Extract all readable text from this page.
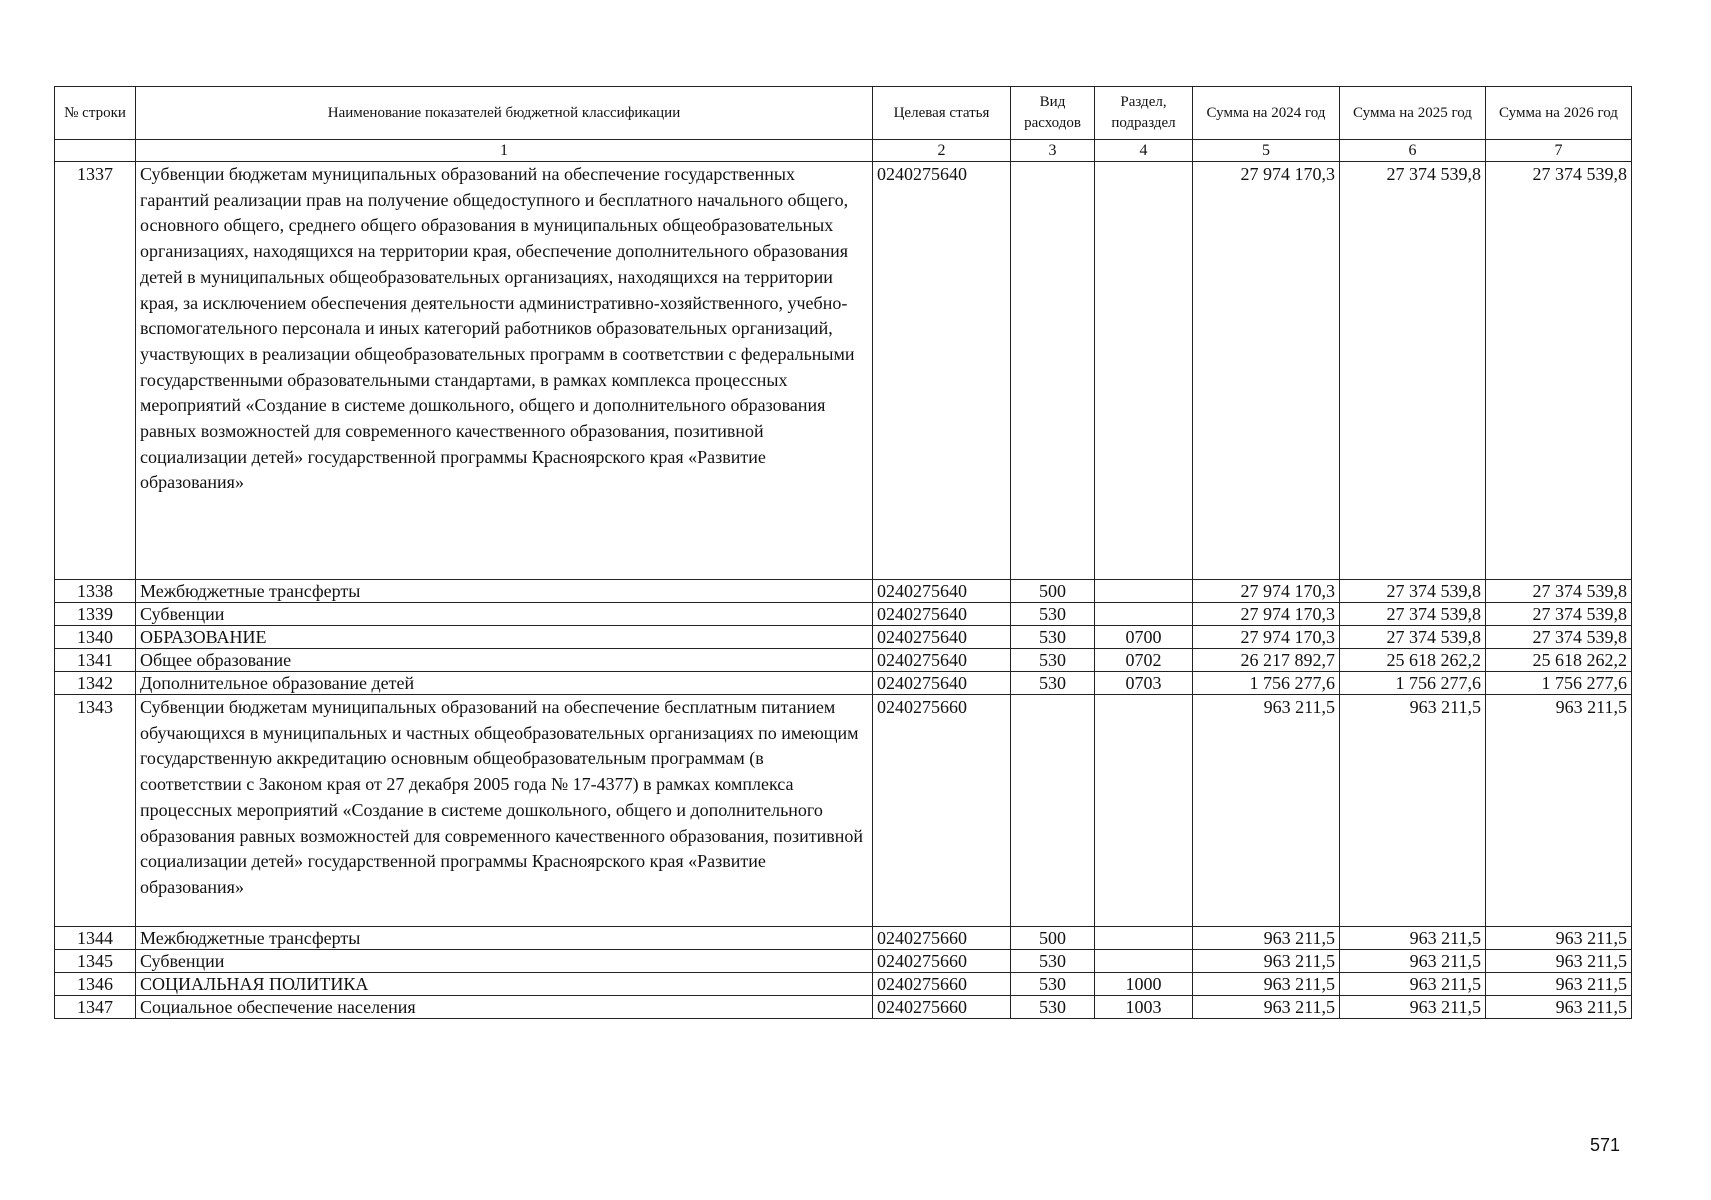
№ строки	Наименование показателей бюджетной классификации	Целевая статья	Вид расходов	Раздел, подраздел	Сумма на 2024 год	Сумма на 2025 год	Сумма на 2026 год
	1	2	3	4	5	6	7
1337	Субвенции бюджетам муниципальных образований на обеспечение государственных гарантий реализации прав на получение общедоступного и бесплатного начального общего, основного общего, среднего общего образования в муниципальных общеобразовательных организациях, находящихся на территории края, обеспечение дополнительного образования детей в муниципальных общеобразовательных организациях, находящихся на территории края, за исключением обеспечения деятельности административно-хозяйственного, учебно-вспомогательного персонала и иных категорий работников образовательных организаций, участвующих в реализации общеобразовательных программ в соответствии с федеральными государственными образовательными стандартами, в рамках комплекса процессных мероприятий «Создание в системе дошкольного, общего и дополнительного образования равных возможностей для современного качественного образования, позитивной социализации детей» государственной программы Красноярского края «Развитие образования»	0240275640			27 974 170,3	27 374 539,8	27 374 539,8
1338	Межбюджетные трансферты	0240275640	500		27 974 170,3	27 374 539,8	27 374 539,8
1339	Субвенции	0240275640	530		27 974 170,3	27 374 539,8	27 374 539,8
1340	ОБРАЗОВАНИЕ	0240275640	530	0700	27 974 170,3	27 374 539,8	27 374 539,8
1341	Общее образование	0240275640	530	0702	26 217 892,7	25 618 262,2	25 618 262,2
1342	Дополнительное образование детей	0240275640	530	0703	1 756 277,6	1 756 277,6	1 756 277,6
1343	Субвенции бюджетам муниципальных образований на обеспечение бесплатным питанием обучающихся в муниципальных и частных общеобразовательных организациях по имеющим государственную аккредитацию основным общеобразовательным программам (в соответствии с Законом края от 27 декабря 2005 года № 17-4377) в рамках комплекса процессных мероприятий «Создание в системе дошкольного, общего и дополнительного образования равных возможностей для современного качественного образования, позитивной социализации детей» государственной программы Красноярского края «Развитие образования»	0240275660			963 211,5	963 211,5	963 211,5
1344	Межбюджетные трансферты	0240275660	500		963 211,5	963 211,5	963 211,5
1345	Субвенции	0240275660	530		963 211,5	963 211,5	963 211,5
1346	СОЦИАЛЬНАЯ ПОЛИТИКА	0240275660	530	1000	963 211,5	963 211,5	963 211,5
1347	Социальное обеспечение населения	0240275660	530	1003	963 211,5	963 211,5	963 211,5
571
